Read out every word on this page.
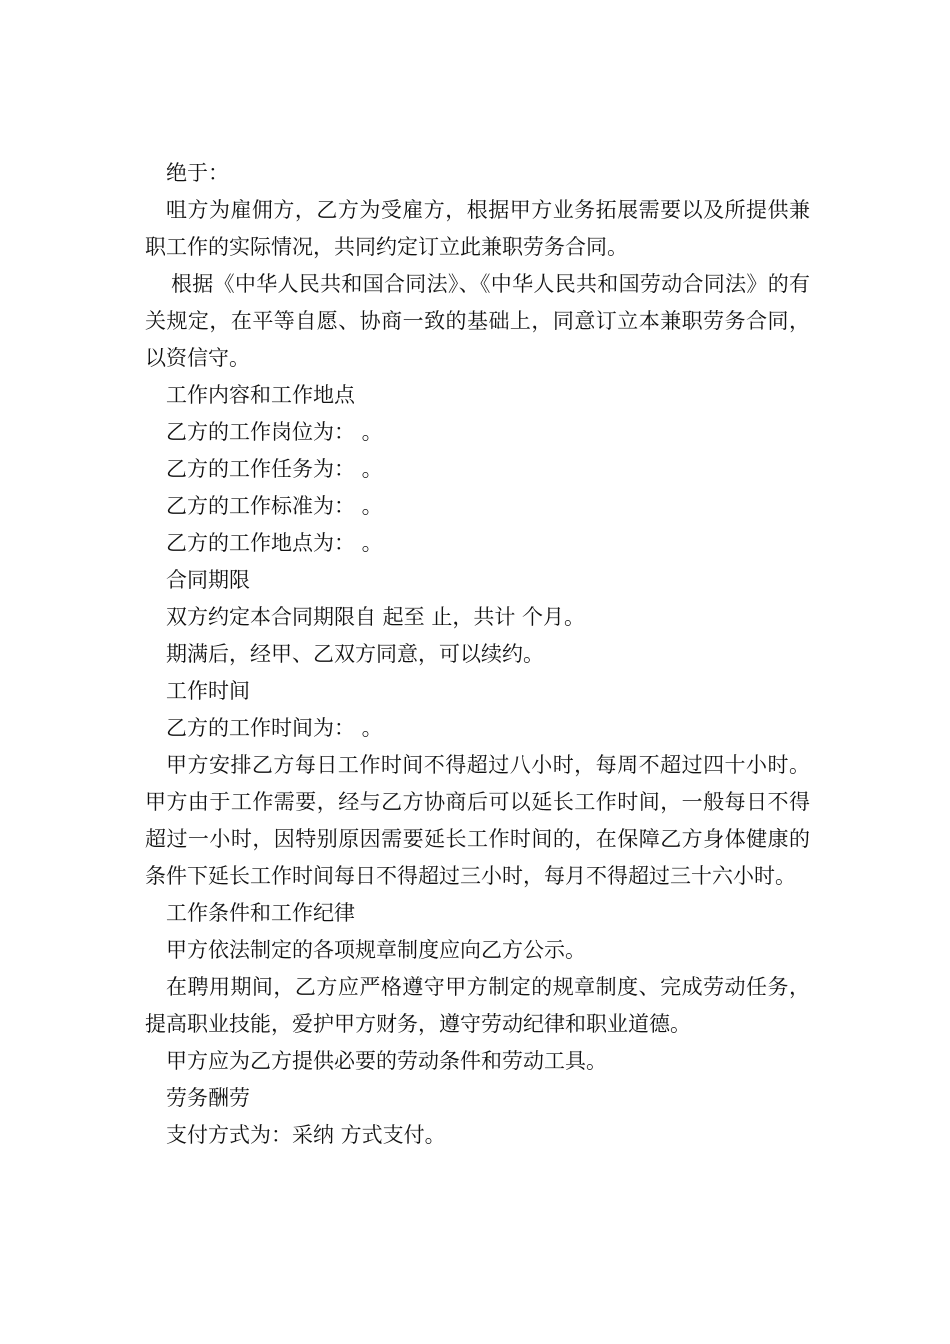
绝于：

咀方为雇佣方，乙方为受雇方，根据甲方业务拓展需要以及所提供兼职工作的实际情况，共同约定订立此兼职劳务合同。

根据《中华人民共和国合同法》、《中华人民共和国劳动合同法》的有关规定，在平等自愿、协商一致的基础上，同意订立本兼职劳务合同，以资信守。

工作内容和工作地点

乙方的工作岗位为： 。

乙方的工作任务为： 。

乙方的工作标准为： 。

乙方的工作地点为： 。

合同期限

双方约定本合同期限自 起至 止，共计 个月。

期满后，经甲、乙双方同意，可以续约。

工作时间

乙方的工作时间为： 。

甲方安排乙方每日工作时间不得超过八小时，每周不超过四十小时。甲方由于工作需要，经与乙方协商后可以延长工作时间，一般每日不得超过一小时，因特别原因需要延长工作时间的，在保障乙方身体健康的条件下延长工作时间每日不得超过三小时，每月不得超过三十六小时。

工作条件和工作纪律

甲方依法制定的各项规章制度应向乙方公示。

在聘用期间，乙方应严格遵守甲方制定的规章制度、完成劳动任务，提高职业技能，爱护甲方财务，遵守劳动纪律和职业道德。

甲方应为乙方提供必要的劳动条件和劳动工具。

劳务酬劳

支付方式为：采纳 方式支付。
